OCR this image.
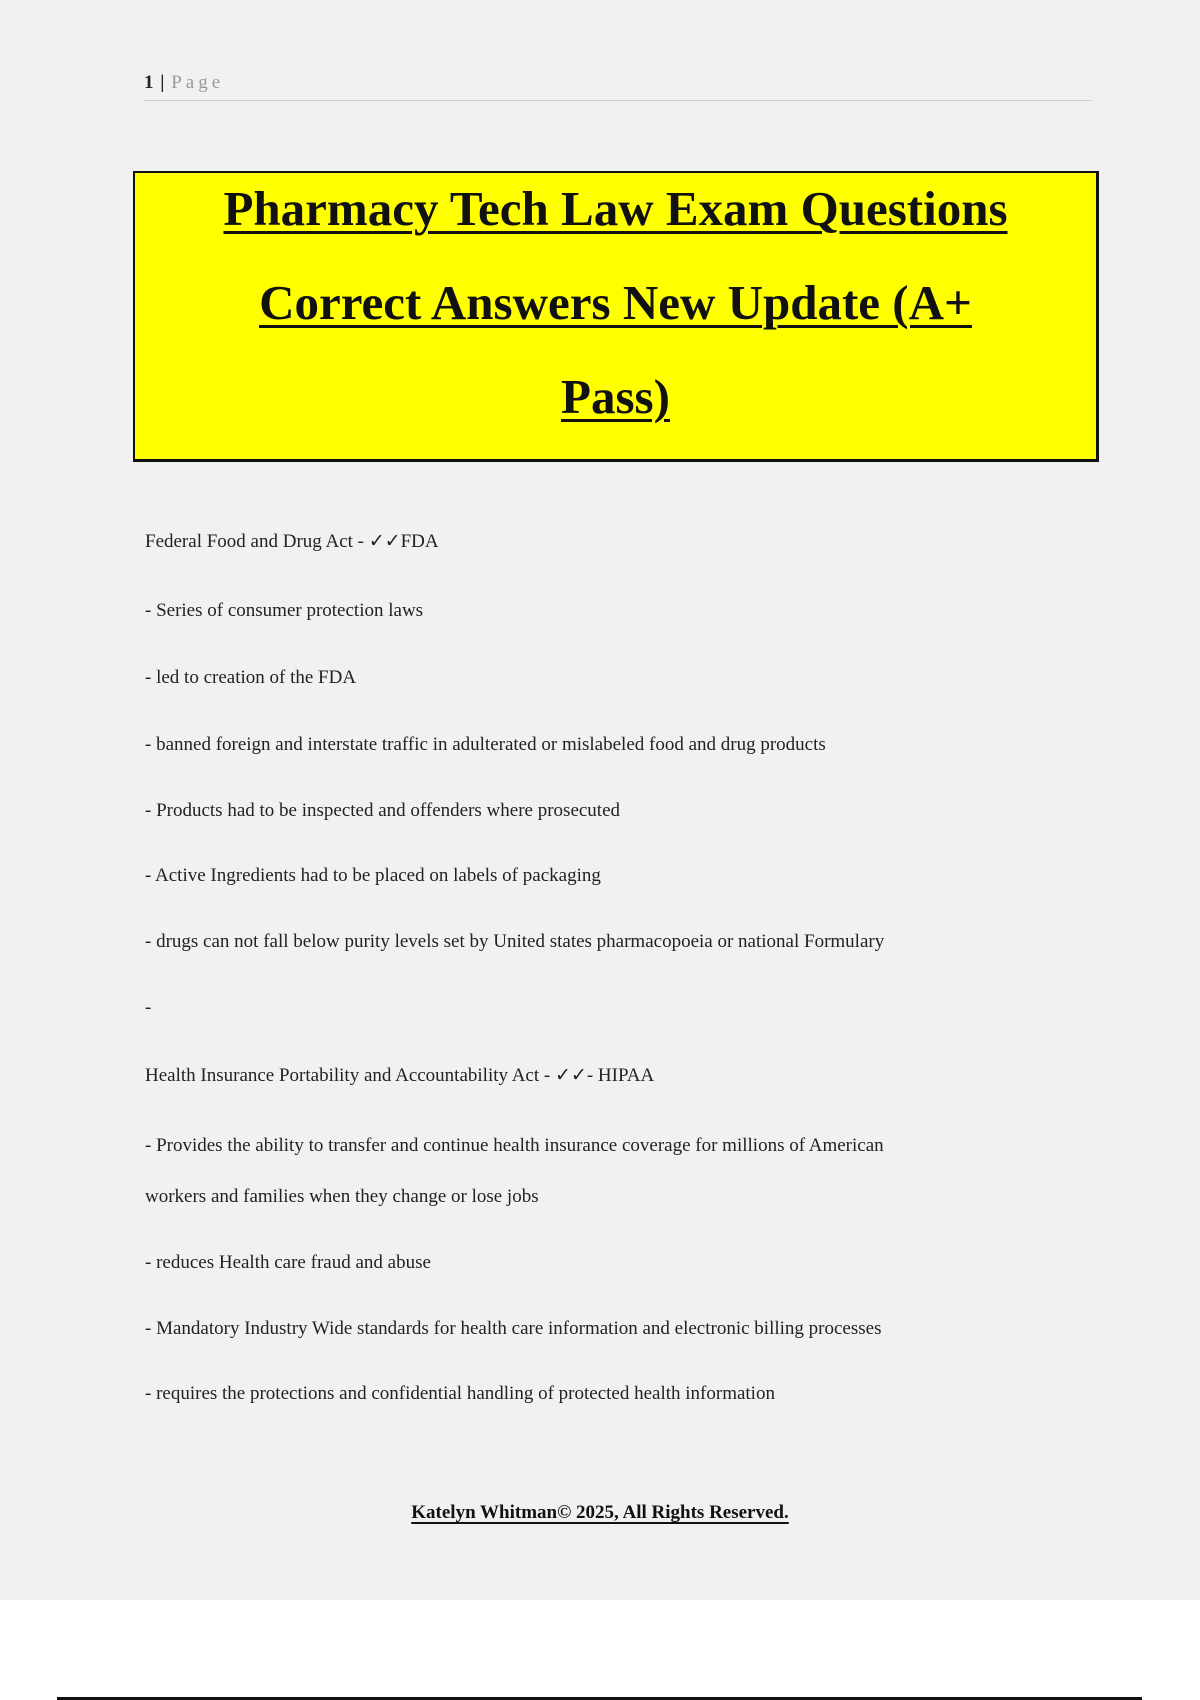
1 | Page
Pharmacy Tech Law Exam Questions
Correct Answers New Update (A+
Pass)
Federal Food and Drug Act - ✓✓FDA
- Series of consumer protection laws
- led to creation of the FDA
- banned foreign and interstate traffic in adulterated or mislabeled food and drug products
- Products had to be inspected and offenders where prosecuted
- Active Ingredients had to be placed on labels of packaging
- drugs can not fall below purity levels set by United states pharmacopoeia or national Formulary
-
Health Insurance Portability and Accountability Act - ✓✓- HIPAA
- Provides the ability to transfer and continue health insurance coverage for millions of American
workers and families when they change or lose jobs
- reduces Health care fraud and abuse
- Mandatory Industry Wide standards for health care information and electronic billing processes
- requires the protections and confidential handling of protected health information
Katelyn Whitman© 2025, All Rights Reserved.
